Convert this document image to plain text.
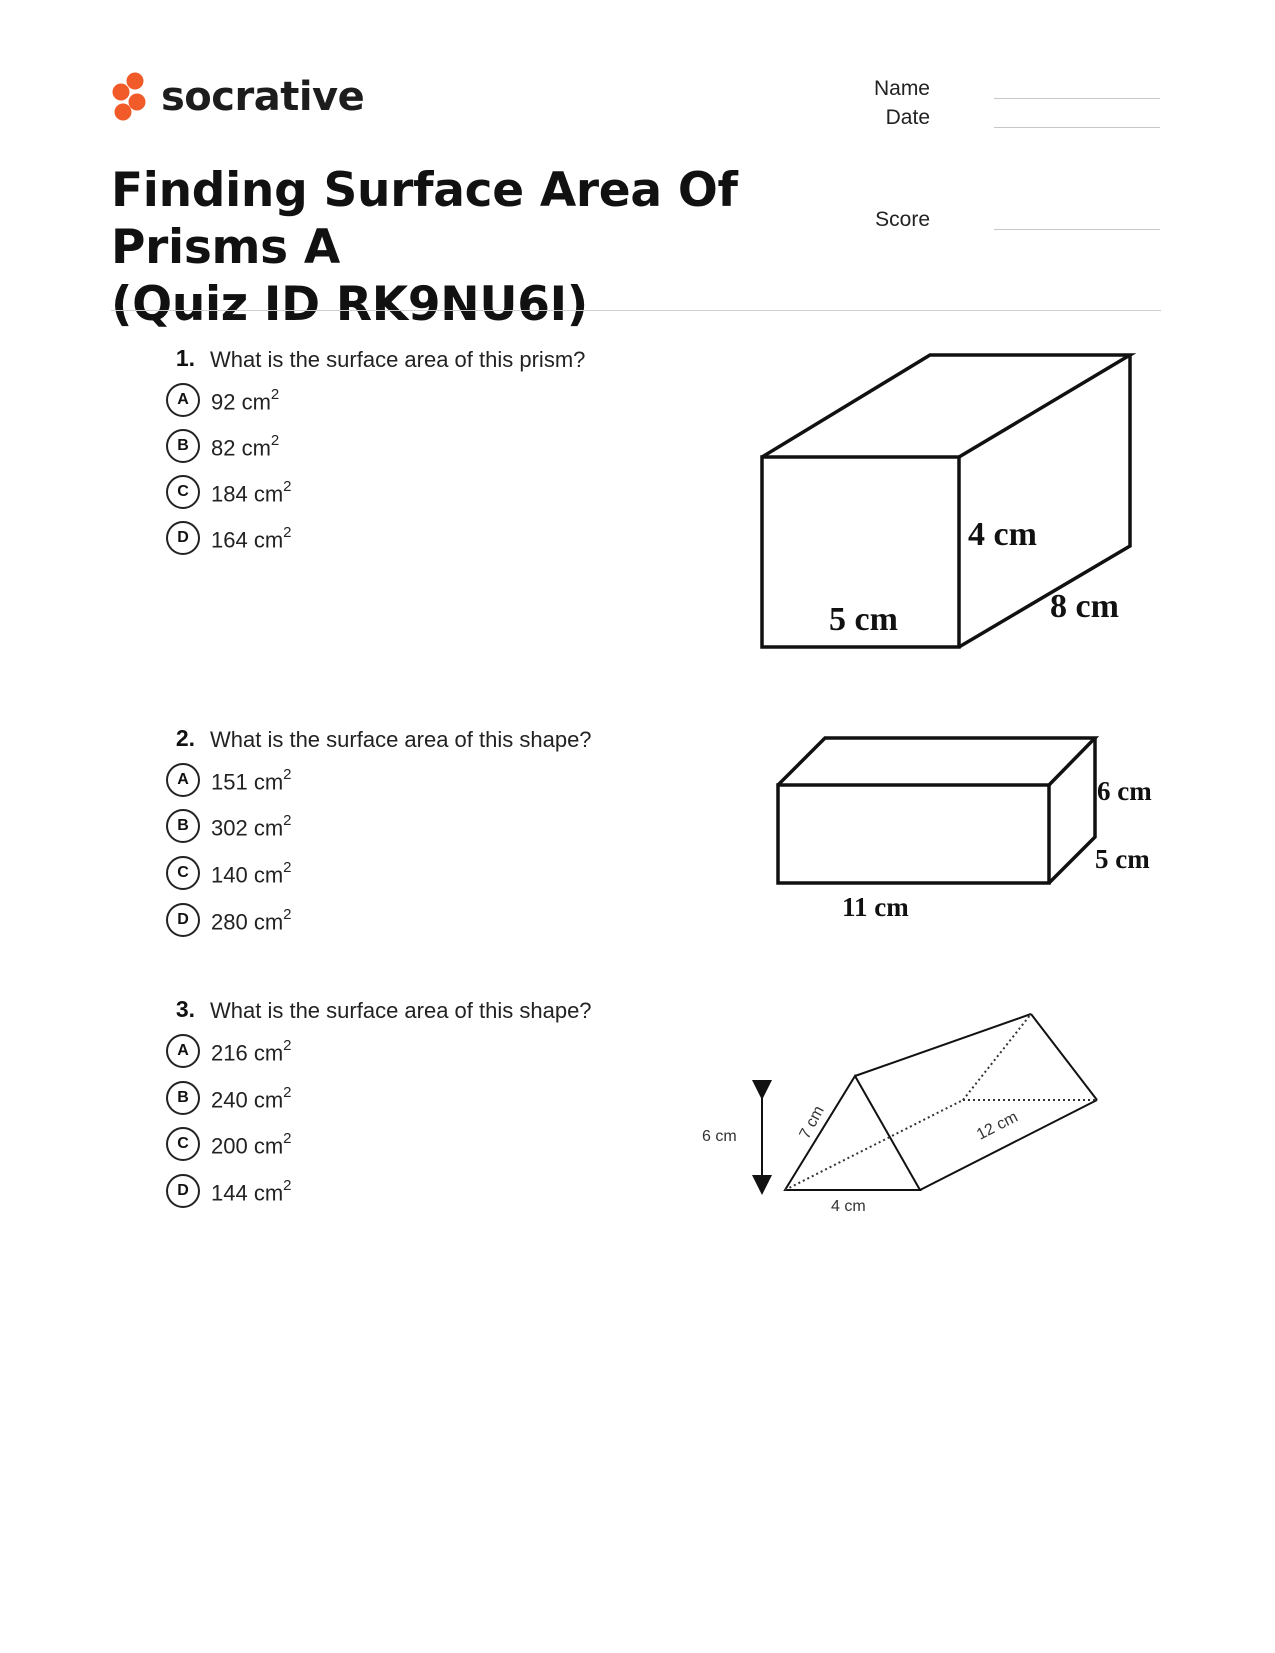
socrative	Name
Date
Score
Finding Surface Area Of Prisms A
(Quiz ID RK9NU6I)
1. What is the surface area of this prism?
A	92 $cm^2$
B	82 $cm^2$
C	184 $cm^2$
D	164 $cm^2$	4 cm
8 cm
5 cm
2. What is the surface area of this shape?
A	151 $cm^2$
B	302 $cm^2$
C	140 $cm^2$
D	280 $cm^2$
6 cm
5 cm
11 cm
3. What is the surface area of this shape?
A	216 $cm^2$
B	240 $cm^2$
C	200 $cm^2$
D	144 $cm^2$
6 cm	7 cm
4 cm
12 cm
